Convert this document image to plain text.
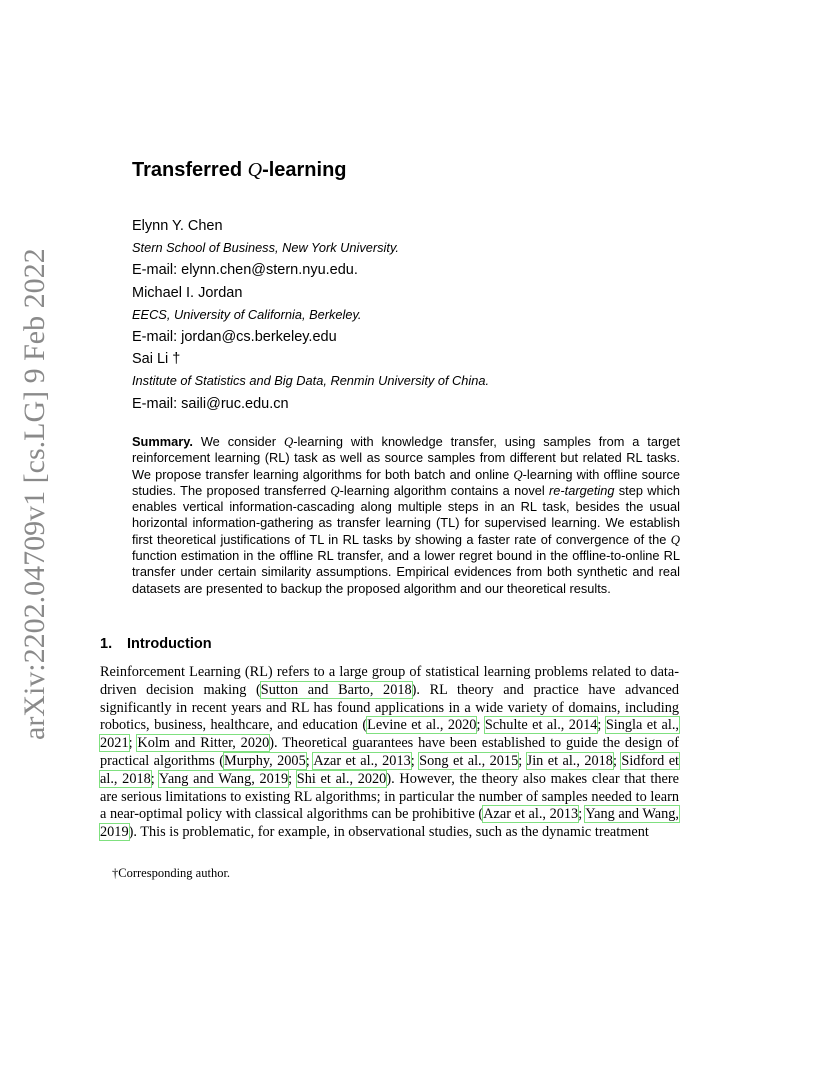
arXiv:2202.04709v1 [cs.LG] 9 Feb 2022
Transferred Q-learning
Elynn Y. Chen
Stern School of Business, New York University.
E-mail: elynn.chen@stern.nyu.edu.
Michael I. Jordan
EECS, University of California, Berkeley.
E-mail: jordan@cs.berkeley.edu
Sai Li †
Institute of Statistics and Big Data, Renmin University of China.
E-mail: saili@ruc.edu.cn
Summary. We consider Q-learning with knowledge transfer, using samples from a target reinforcement learning (RL) task as well as source samples from different but related RL tasks. We propose transfer learning algorithms for both batch and online Q-learning with offline source studies. The proposed transferred Q-learning algorithm contains a novel re-targeting step which enables vertical information-cascading along multiple steps in an RL task, besides the usual horizontal information-gathering as transfer learning (TL) for supervised learning. We establish first theoretical justifications of TL in RL tasks by showing a faster rate of convergence of the Q function estimation in the offline RL transfer, and a lower regret bound in the offline-to-online RL transfer under certain similarity assumptions. Empirical evidences from both synthetic and real datasets are presented to backup the proposed algorithm and our theoretical results.
1. Introduction
Reinforcement Learning (RL) refers to a large group of statistical learning problems related to data-driven decision making (Sutton and Barto, 2018). RL theory and practice have advanced significantly in recent years and RL has found applications in a wide variety of domains, including robotics, business, healthcare, and education (Levine et al., 2020; Schulte et al., 2014; Singla et al., 2021; Kolm and Ritter, 2020). Theoretical guarantees have been established to guide the design of practical algorithms (Murphy, 2005; Azar et al., 2013; Song et al., 2015; Jin et al., 2018; Sidford et al., 2018; Yang and Wang, 2019; Shi et al., 2020). However, the theory also makes clear that there are serious limitations to existing RL algorithms; in particular the number of samples needed to learn a near-optimal policy with classical algorithms can be prohibitive (Azar et al., 2013; Yang and Wang, 2019). This is problematic, for example, in observational studies, such as the dynamic treatment
†Corresponding author.
